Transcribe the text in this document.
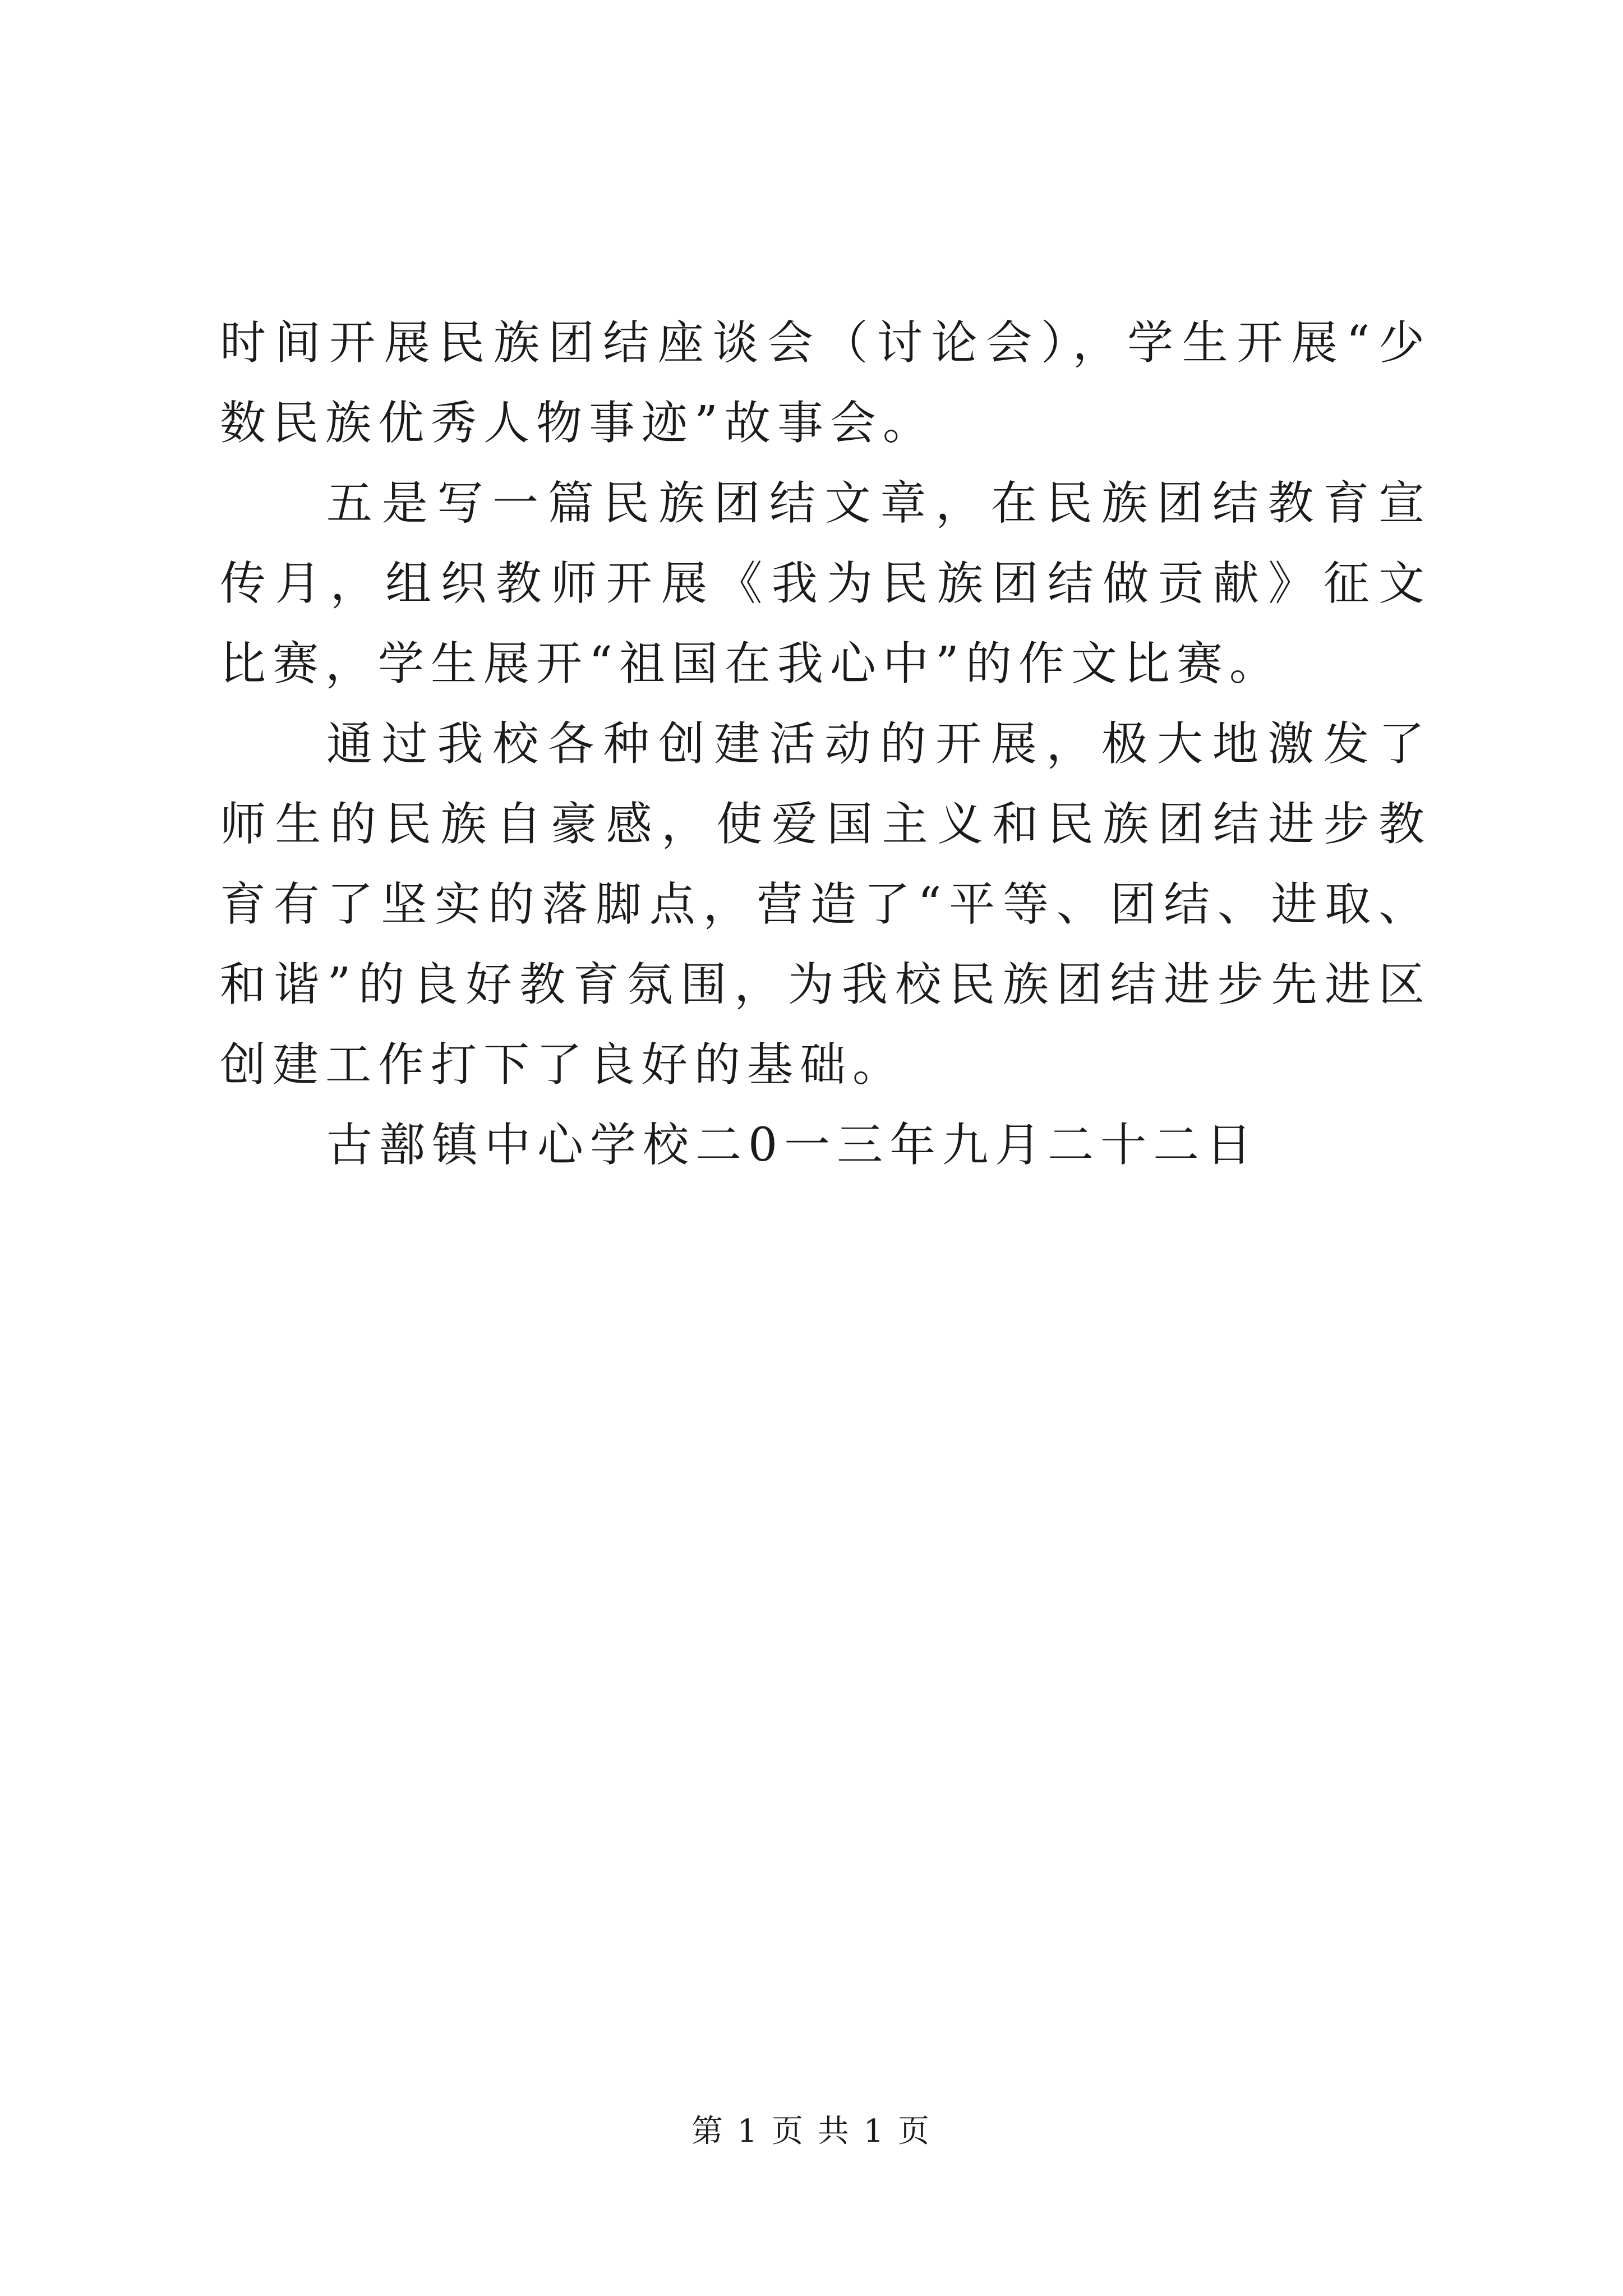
时间开展民族团结座谈会（讨论会），学生开展“少数民族优秀人物事迹”故事会。

五是写一篇民族团结文章，在民族团结教育宣传月，组织教师开展《我为民族团结做贡献》征文比赛，学生展开“祖国在我心中”的作文比赛。

通过我校各种创建活动的开展，极大地激发了师生的民族自豪感，使爱国主义和民族团结进步教育有了坚实的落脚点，营造了“平等、团结、进取、和谐”的良好教育氛围，为我校民族团结进步先进区创建工作打下了良好的基础。

古鄯镇中心学校二0一三年九月二十二日

第 1 页 共 1 页
